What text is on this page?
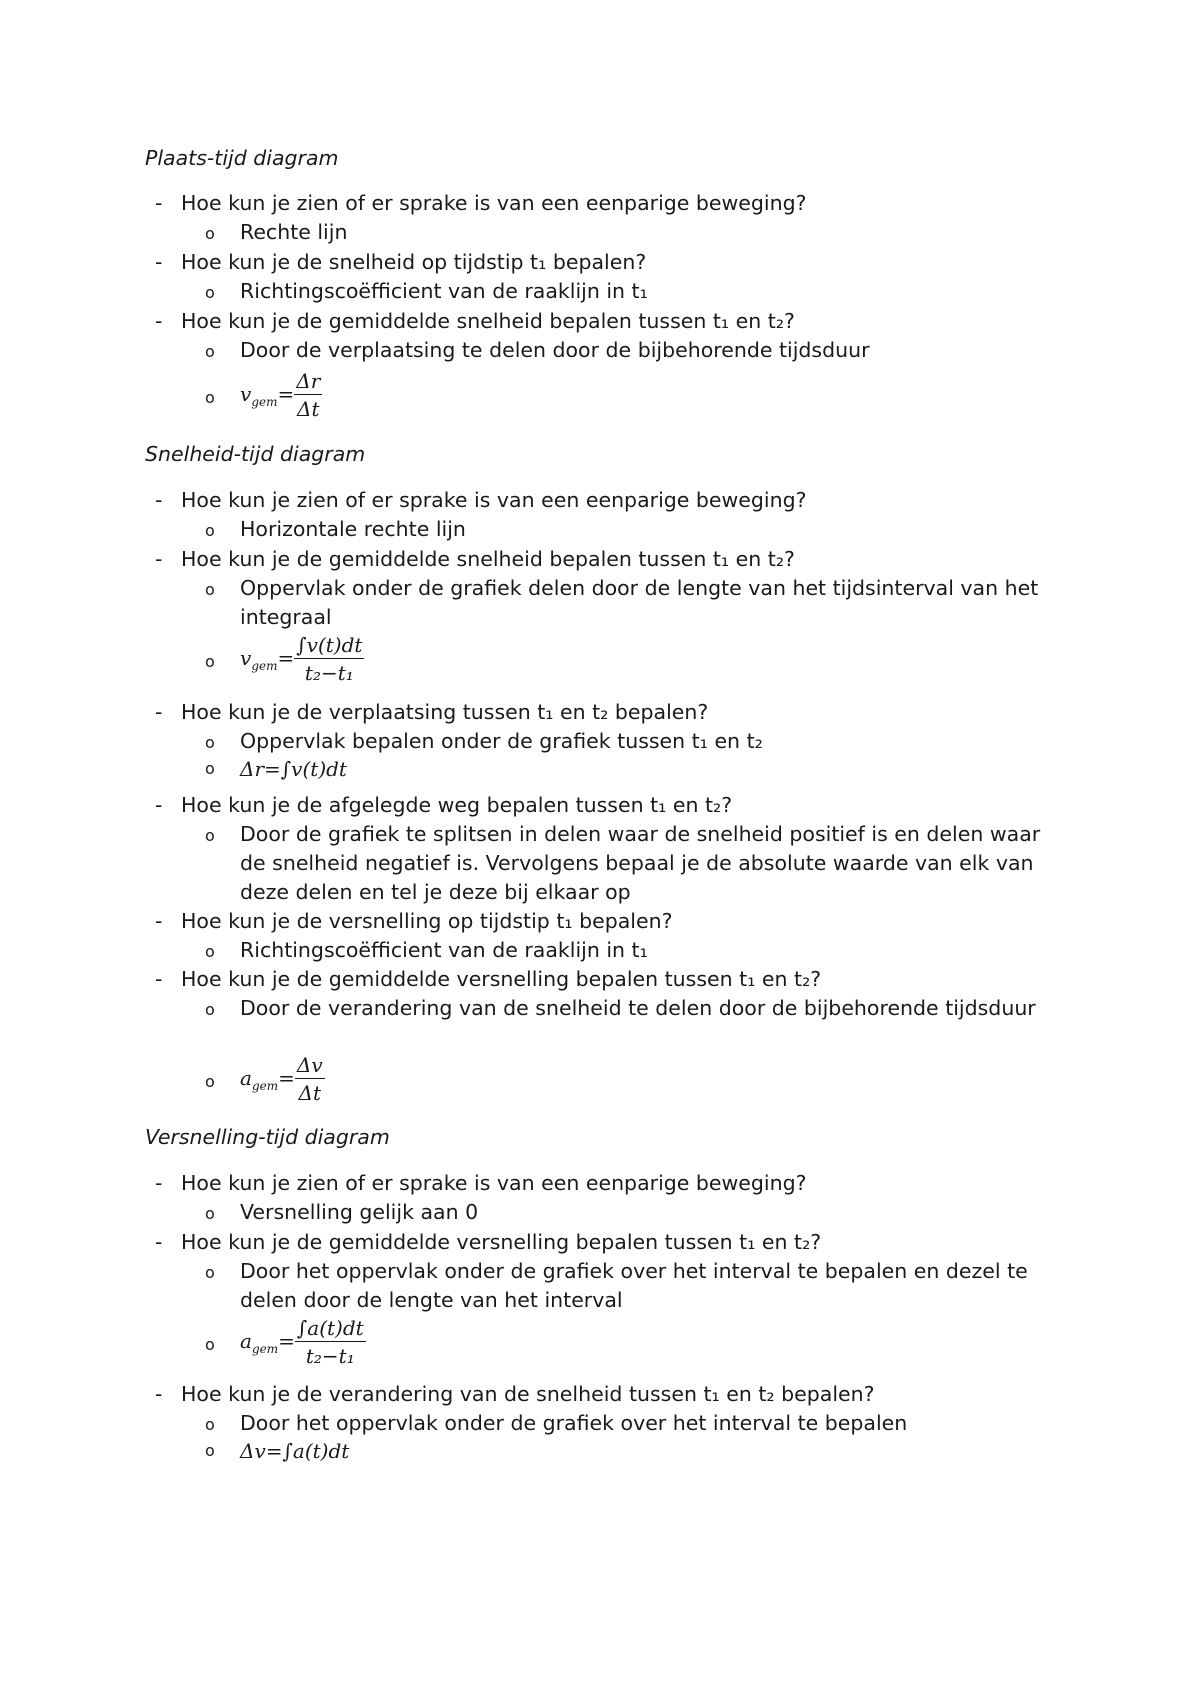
Plaats-tijd diagram
- Hoe kun je zien of er sprake is van een eenparige beweging?
o Rechte lijn
- Hoe kun je de snelheid op tijdstip t₁ bepalen?
o Richtingscoëfficient van de raaklijn in t₁
- Hoe kun je de gemiddelde snelheid bepalen tussen t₁ en t₂?
o Door de verplaatsing te delen door de bijbehorende tijdsduur
o $v_{gem}= \frac{\Delta r}{\Delta t}$
Snelheid-tijd diagram
- Hoe kun je zien of er sprake is van een eenparige beweging?
o Horizontale rechte lijn
- Hoe kun je de gemiddelde snelheid bepalen tussen t₁ en t₂?
o Oppervlak onder de grafiek delen door de lengte van het tijdsinterval van het integraal
o $v_{gem}= \frac{\int v(t)dt}{\text{t₂−t₁}}$
- Hoe kun je de verplaatsing tussen t₁ en t₂ bepalen?
o Oppervlak bepalen onder de grafiek tussen t₁ en t₂
o Δr=∫v(t)dt
- Hoe kun je de afgelegde weg bepalen tussen t₁ en t₂?
o Door de grafiek te splitsen in delen waar de snelheid positief is en delen waar de snelheid negatief is. Vervolgens bepaal je de absolute waarde van elk van deze delen en tel je deze bij elkaar op
- Hoe kun je de versnelling op tijdstip t₁ bepalen?
o Richtingscoëfficient van de raaklijn in t₁
- Hoe kun je de gemiddelde versnelling bepalen tussen t₁ en t₂?
o Door de verandering van de snelheid te delen door de bijbehorende tijdsduur
o $a_{gem}= \frac{\Delta v}{\Delta t}$
Versnelling-tijd diagram
- Hoe kun je zien of er sprake is van een eenparige beweging?
o Versnelling gelijk aan 0
- Hoe kun je de gemiddelde versnelling bepalen tussen t₁ en t₂?
o Door het oppervlak onder de grafiek over het interval te bepalen en dezel te delen door de lengte van het interval
o $a_{gem}= \frac{\int a(t)dt}{\text{t₂−t₁}}$
- Hoe kun je de verandering van de snelheid tussen t₁ en t₂ bepalen?
o Door het oppervlak onder de grafiek over het interval te bepalen
o Δv=∫a(t)dt
